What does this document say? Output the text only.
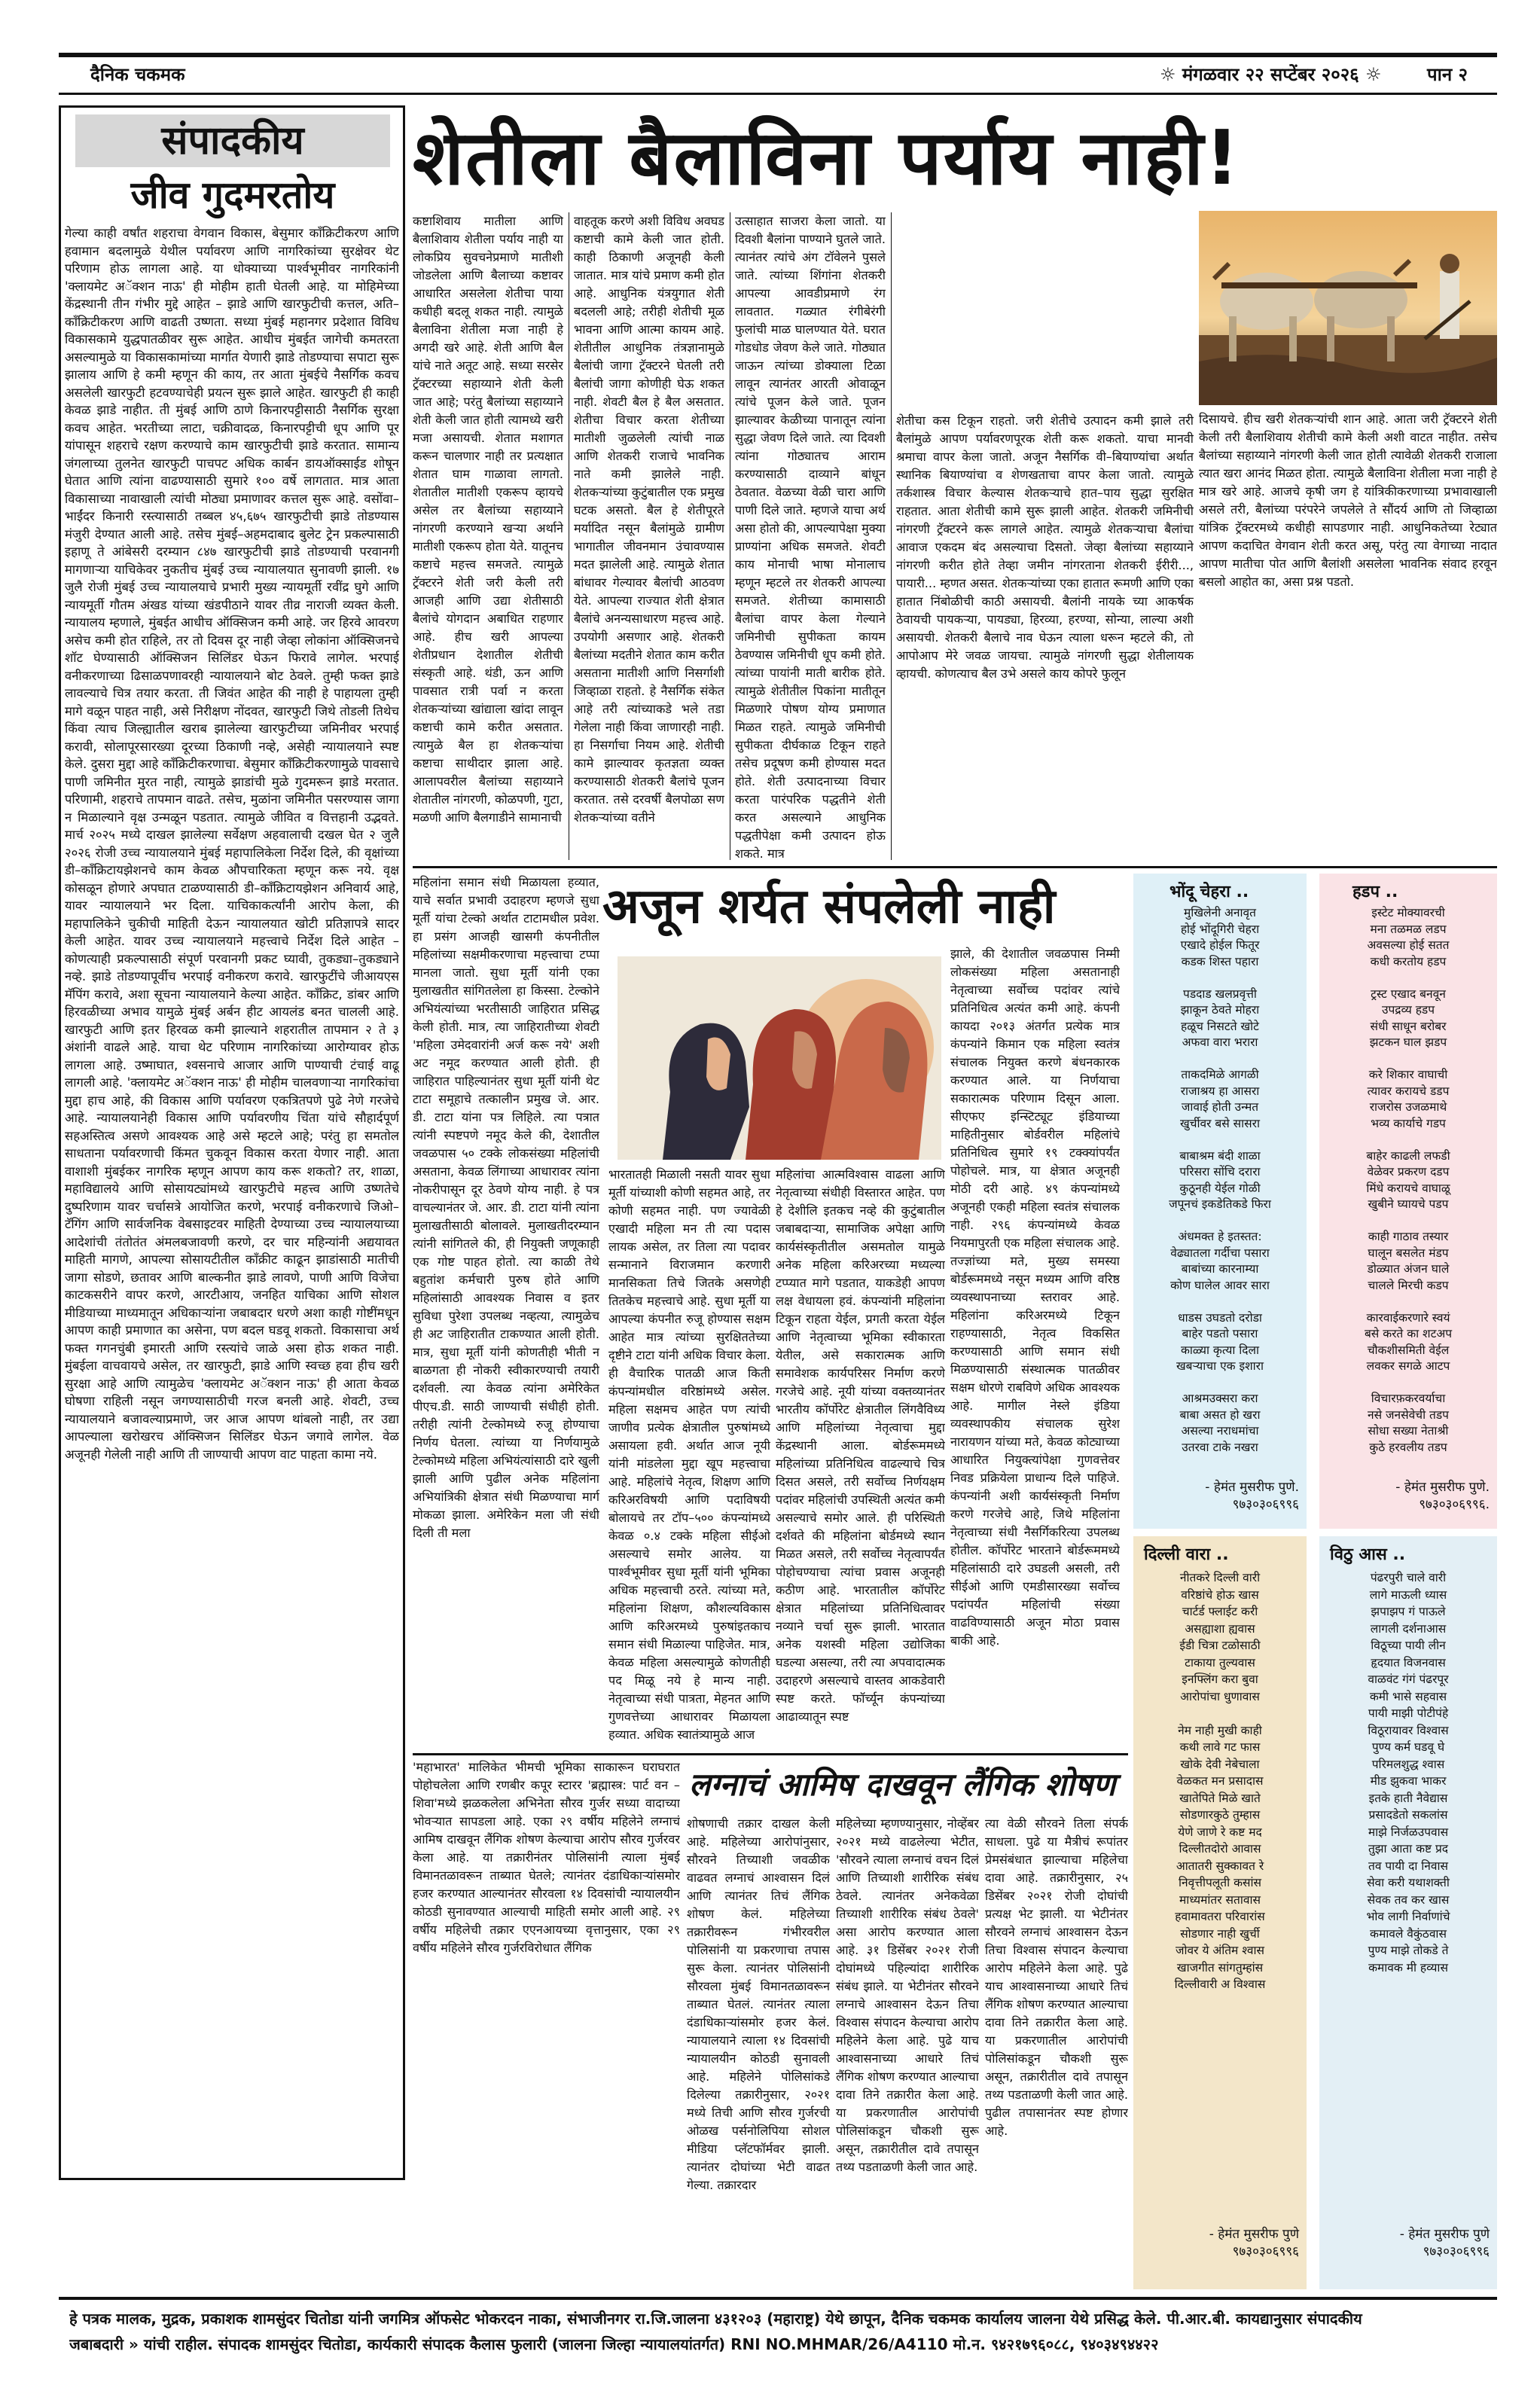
दैनिक चकमक	☼ मंगळवार २२ सप्टेंबर २०२६ ☼	पान २
संपादकीय
जीव गुदमरतोय
गेल्या काही वर्षांत शहराचा वेगवान विकास, बेसुमार काँक्रिटीकरण आणि हवामान बदलामुळे येथील पर्यावरण आणि नागरिकांच्या सुरक्षेवर थेट परिणाम होऊ लागला आहे. या धोक्याच्या पार्श्वभूमीवर नागरिकांनी 'क्लायमेट अॅक्शन नाऊ' ही मोहीम हाती घेतली आहे. या मोहिमेच्या केंद्रस्थानी तीन गंभीर मुद्दे आहेत – झाडे आणि खारफुटीची कत्तल, अति–काँक्रिटीकरण आणि वाढती उष्णता. सध्या मुंबई महानगर प्रदेशात विविध विकासकामे युद्धपातळीवर सुरू आहेत. आधीच मुंबईत जागेची कमतरता असल्यामुळे या विकासकामांच्या मार्गात येणारी झाडे तोडण्याचा सपाटा सुरू झालाय आणि हे कमी म्हणून की काय, तर आता मुंबईचे नैसर्गिक कवच असलेली खारफुटी हटवण्याचेही प्रयत्न सुरू झाले आहेत. खारफुटी ही काही केवळ झाडे नाहीत. ती मुंबई आणि ठाणे किनारपट्टीसाठी नैसर्गिक सुरक्षा कवच आहेत. भरतीच्या लाटा, चक्रीवादळ, किनारपट्टीची धूप आणि पूर यांपासून शहराचे रक्षण करण्याचे काम खारफुटीची झाडे करतात. सामान्य जंगलाच्या तुलनेत खारफुटी पाचपट अधिक कार्बन डायऑक्साईड शोषून घेतात आणि त्यांना वाढण्यासाठी सुमारे १०० वर्षे लागतात. मात्र आता विकासाच्या नावाखाली त्यांची मोठ्या प्रमाणावर कत्तल सुरू आहे. वसोंवा–भाईंदर किनारी रस्त्यासाठी तब्बल ४५,६७५ खारफुटीची झाडे तोडण्यास मंजुरी देण्यात आली आहे. तसेच मुंबई–अहमदाबाद बुलेट ट्रेन प्रकल्पासाठी इहाणू ते आंबेसरी दरम्यान ८४७ खारफुटीची झाडे तोडण्याची परवानगी मागणाऱ्या याचिकेवर नुकतीच मुंबई उच्च न्यायालयात सुनावणी झाली. १७ जुलै रोजी मुंबई उच्च न्यायालयाचे प्रभारी मुख्य न्यायमूर्ती रवींद्र घुगे आणि न्यायमूर्ती गौतम अंखड यांच्या खंडपीठाने यावर तीव्र नाराजी व्यक्त केली. न्यायालय म्हणाले, मुंबईत आधीच ऑक्सिजन कमी आहे. जर हिरवे आवरण असेच कमी होत राहिले, तर तो दिवस दूर नाही जेव्हा लोकांना ऑक्सिजनचे शॉट घेण्यासाठी ऑक्सिजन सिलिंडर घेऊन फिरावे लागेल. भरपाई वनीकरणाच्या ढिसाळपणावरही न्यायालयाने बोट ठेवले. तुम्ही फक्त झाडे लावल्याचे चित्र तयार करता. ती जिवंत आहेत की नाही हे पाहायला तुम्ही मागे वळून पाहत नाही, असे निरीक्षण नोंदवत, खारफुटी जिथे तोडली तिथेच किंवा त्याच जिल्ह्यातील खराब झालेल्या खारफुटीच्या जमिनीवर भरपाई करावी, सोलापूरसारख्या दूरच्या ठिकाणी नव्हे, असेही न्यायालयाने स्पष्ट केले. दुसरा मुद्दा आहे काँक्रिटीकरणाचा. बेसुमार काँक्रिटीकरणामुळे पावसाचे पाणी जमिनीत मुरत नाही, त्यामुळे झाडांची मुळे गुदमरून झाडे मरतात. परिणामी, शहराचे तापमान वाढते. तसेच, मुळांना जमिनीत पसरण्यास जागा न मिळाल्याने वृक्ष उन्मळून पडतात. त्यामुळे जीवित व वित्तहानी उद्भवते. मार्च २०२५ मध्ये दाखल झालेल्या सर्वेक्षण अहवालाची दखल घेत २ जुलै २०२६ रोजी उच्च न्यायालयाने मुंबई महापालिकेला निर्देश दिले, की वृक्षांच्या डी–काँक्रिटायझेशनचे काम केवळ औपचारिकता म्हणून करू नये. वृक्ष कोसळून होणारे अपघात टाळण्यासाठी डी–काँक्रिटायझेशन अनिवार्य आहे, यावर न्यायालयाने भर दिला. याचिकाकर्त्यांनी आरोप केला, की महापालिकेने चुकीची माहिती देऊन न्यायालयात खोटी प्रतिज्ञापत्रे सादर केली आहेत. यावर उच्च न्यायालयाने महत्त्वाचे निर्देश दिले आहेत – कोणत्याही प्रकल्पासाठी संपूर्ण परवानगी प्रकट घ्यावी, तुकड्या–तुकड्याने नव्हे. झाडे तोडण्यापूर्वीच भरपाई वनीकरण करावे. खारफुटींचे जीआयएस मॅपिंग करावे, अशा सूचना न्यायालयाने केल्या आहेत. काँक्रिट, डांबर आणि हिरवळीच्या अभाव यामुळे मुंबई अर्बन हीट आयलंड बनत चालली आहे. खारफुटी आणि इतर हिरवळ कमी झाल्याने शहरातील तापमान २ ते ३ अंशांनी वाढले आहे. याचा थेट परिणाम नागरिकांच्या आरोग्यावर होऊ लागला आहे. उष्माघात, श्वसनाचे आजार आणि पाण्याची टंचाई वाढू लागली आहे. 'क्लायमेट अॅक्शन नाऊ' ही मोहीम चालवणाऱ्या नागरिकांचा मुद्दा हाच आहे, की विकास आणि पर्यावरण एकत्रितपणे पुढे नेणे गरजेचे आहे. न्यायालयानेही विकास आणि पर्यावरणीय चिंता यांचे सौहार्दपूर्ण सहअस्तित्व असणे आवश्यक आहे असे म्हटले आहे; परंतु हा समतोल साधताना पर्यावरणाची किंमत चुकवून विकास करता येणार नाही. आता वाशाशी मुंबईकर नागरिक म्हणून आपण काय करू शकतो? तर, शाळा, महाविद्यालये आणि सोसायट्यांमध्ये खारफुटीचे महत्त्व आणि उष्णतेचे दुष्परिणाम यावर चर्चासत्रे आयोजित करणे, भरपाई वनीकरणाचे जिओ–टॅगिंग आणि सार्वजनिक वेबसाइटवर माहिती देण्याच्या उच्च न्यायालयाच्या आदेशांची तंतोतंत अंमलबजावणी करणे, दर चार महिन्यांनी अद्ययावत माहिती मागणे, आपल्या सोसायटीतील काँक्रीट काढून झाडांसाठी मातीची जागा सोडणे, छतावर आणि बाल्कनीत झाडे लावणे, पाणी आणि विजेचा काटकसरीने वापर करणे, आरटीआय, जनहित याचिका आणि सोशल मीडियाच्या माध्यमातून अधिकाऱ्यांना जबाबदार धरणे अशा काही गोष्टींमधून आपण काही प्रमाणात का असेना, पण बदल घडवू शकतो. विकासाचा अर्थ फक्त गगनचुंबी इमारती आणि रस्त्यांचे जाळे असा होऊ शकत नाही. मुंबईला वाचवायचे असेल, तर खारफुटी, झाडे आणि स्वच्छ हवा हीच खरी सुरक्षा आहे आणि त्यामुळेच 'क्लायमेट अॅक्शन नाऊ' ही आता केवळ घोषणा राहिली नसून जगण्यासाठीची गरज बनली आहे. शेवटी, उच्च न्यायालयाने बजावल्याप्रमाणे, जर आज आपण थांबलो नाही, तर उद्या आपल्याला खरोखरच ऑक्सिजन सिलिंडर घेऊन जगावे लागेल. वेळ अजूनही गेलेली नाही आणि ती जाण्याची आपण वाट पाहता कामा नये.
शेतीला बैलाविना पर्याय नाही!
कष्टाशिवाय मातीला आणि बैलाशिवाय शेतीला पर्याय नाही या लोकप्रिय सुवचनेप्रमाणे मातीशी जोडलेला आणि बैलाच्या कष्टावर आधारित असलेला शेतीचा पाया कधीही बदलू शकत नाही. त्यामुळे बैलाविना शेतीला मजा नाही हे अगदी खरे आहे. शेती आणि बैल यांचे नाते अतूट आहे. सध्या सरसेर ट्रॅक्टरच्या सहाय्याने शेती केली जात आहे; परंतु बैलांच्या सहाय्याने शेती केली जात होती त्यामध्ये खरी मजा असायची. शेतात मशागत करून चालणार नाही तर प्रत्यक्षात शेतात घाम गाळावा लागतो. शेतातील मातीशी एकरूप व्हायचे असेल तर बैलांच्या सहाय्याने नांगरणी करण्याने खऱ्या अर्थाने मातीशी एकरूप होता येते. यातूनच कष्टाचे महत्त्व समजते. त्यामुळे ट्रॅक्टरने शेती जरी केली तरी आजही आणि उद्या शेतीसाठी बैलांचे योगदान अबाधित राहणार आहे. हीच खरी आपल्या शेतीप्रधान देशातील शेतीची संस्कृती आहे. थंडी, ऊन आणि पावसात रात्री पर्वा न करता शेतकऱ्यांच्या खांद्याला खांदा लावून कष्टाची कामे करीत असतात. त्यामुळे बैल हा शेतकऱ्यांचा कष्टाचा साथीदार झाला आहे. आलापवरील बैलांच्या सहाय्याने शेतातील नांगरणी, कोळपणी, गुटा, मळणी आणि बैलगाडीने सामानाची
वाहतूक करणे अशी विविध अवघड कष्टाची कामे केली जात होती. काही ठिकाणी अजूनही केली जातात. मात्र यांचे प्रमाण कमी होत आहे. आधुनिक यंत्रयुगात शेती बदलली आहे; तरीही शेतीची मूळ भावना आणि आत्मा कायम आहे. शेतीतील आधुनिक तंत्रज्ञानामुळे बैलांची जागा ट्रॅक्टरने घेतली तरी बैलांची जागा कोणीही घेऊ शकत नाही. शेवटी बैल हे बैल असतात. शेतीचा विचार करता शेतीच्या मातीशी जुळलेली त्यांची नाळ आणि शेतकरी राजाचे भावनिक नाते कमी झालेले नाही. शेतकऱ्यांच्या कुटुंबातील एक प्रमुख घटक असतो. बैल हे शेतीपूरते मर्यादित नसून बैलांमुळे ग्रामीण भागातील जीवनमान उंचावण्यास मदत झालेली आहे. त्यामुळे शेतात बांधावर गेल्यावर बैलांची आठवण येते. आपल्या राज्यात शेती क्षेत्रात बैलांचे अनन्यसाधारण महत्त्व आहे. उपयोगी असणार आहे. शेतकरी बैलांच्या मदतीने शेतात काम करीत असताना मातीशी आणि निसर्गाशी जिव्हाळा राहतो. हे नैसर्गिक संकेत आहे तरी त्यांच्याकडे भले तडा गेलेला नाही किंवा जाणारही नाही. हा निसर्गाचा नियम आहे. शेतीची कामे झाल्यावर कृतज्ञता व्यक्त करण्यासाठी शेतकरी बैलांचे पूजन करतात. तसे दरवर्षी बैलपोळा सण शेतकऱ्यांच्या वतीने
उत्साहात साजरा केला जातो. या दिवशी बैलांना पाण्याने घुतले जाते. त्यानंतर त्यांचे अंग टॉवेलने पुसले जाते. त्यांच्या शिंगांना शेतकरी आपल्या आवडीप्रमाणे रंग लावतात. गळ्यात रंगीबेरंगी फुलांची माळ घालण्यात येते. घरात गोडधोड जेवण केले जाते. गोठ्यात जाऊन त्यांच्या डोक्याला टिळा लावून त्यानंतर आरती ओवाळून त्यांचे पूजन केले जाते. पूजन झाल्यावर केळीच्या पानातून त्यांना सुद्धा जेवण दिले जाते. त्या दिवशी त्यांना गोठ्यातच आराम करण्यासाठी दाव्याने बांधून ठेवतात. वेळच्या वेळी चारा आणि पाणी दिले जाते. म्हणजे याचा अर्थ असा होतो की, आपल्यापेक्षा मुक्या प्राण्यांना अधिक समजते. शेवटी काय मोनाची भाषा मोनालाच म्हणून म्हटले तर शेतकरी आपल्या समजते. शेतीच्या कामासाठी बैलांचा वापर केला गेल्याने जमिनीची सुपीकता कायम ठेवण्यास जमिनीची धूप कमी होते. त्यांच्या पायांनी माती बारीक होते. त्यामुळे शेतीतील पिकांना मातीतून मिळणारे पोषण योग्य प्रमाणात मिळत राहते. त्यामुळे जमिनीची सुपीकता दीर्घकाळ टिकून राहते तसेच प्रदूषण कमी होण्यास मदत होते. शेती उत्पादनाच्या विचार करता पारंपरिक पद्धतीने शेती करत असल्याने आधुनिक पद्धतीपेक्षा कमी उत्पादन होऊ शकते. मात्र
शेतीचा कस टिकून राहतो. जरी शेतीचे उत्पादन कमी झाले तरी बैलांमुळे आपण पर्यावरणपूरक शेती करू शकतो. याचा मानवी श्रमाचा वापर केला जातो. अजून नैसर्गिक वी–बियाण्यांचा अर्थात स्थानिक बियाण्यांचा व शेणखताचा वापर केला जातो. त्यामुळे तर्कशास्त्र विचार केल्यास शेतकऱ्याचे हात–पाय सुद्धा सुरक्षित राहतात. आता शेतीची कामे सुरू झाली आहेत. शेतकरी जमिनीची नांगरणी ट्रॅक्टरने करू लागले आहेत. त्यामुळे शेतकऱ्याचा बैलांचा आवाज एकदम बंद असल्याचा दिसतो. जेव्हा बैलांच्या सहाय्याने नांगरणी करीत होते तेव्हा जमीन नांगरताना शेतकरी ईरीरी..., पायारी... म्हणत असत. शेतकऱ्यांच्या एका हातात रूमणी आणि एका हातात निंबोळीची काठी असायची. बैलांनी नायके च्या आकर्षक ठेवायची पायकऱ्या, पायड्या, हिरव्या, हरण्या, सोन्या, लाल्या अशी असायची. शेतकरी बैलाचे नाव घेऊन त्याला धरून म्हटले की, तो आपोआप मेरे जवळ जायचा. त्यामुळे नांगरणी सुद्धा शेतीलायक व्हायची. कोणत्याच बैल उभे असले काय कोपरे फुलून
दिसायचे. हीच खरी शेतकऱ्यांची शान आहे. आता जरी ट्रॅक्टरने शेती केली तरी बैलाशिवाय शेतीची कामे केली अशी वाटत नाहीत. तसेच बैलांच्या सहाय्याने नांगरणी केली जात होती त्यावेळी शेतकरी राजाला त्यात खरा आनंद मिळत होता. त्यामुळे बैलाविना शेतीला मजा नाही हे मात्र खरे आहे. आजचे कृषी जग हे यांत्रिकीकरणाच्या प्रभावाखाली असले तरी, बैलांच्या परंपरेने जपलेले ते सौंदर्य आणि तो जिव्हाळा यांत्रिक ट्रॅक्टरमध्ये कधीही सापडणार नाही. आधुनिकतेच्या रेट्यात आपण कदाचित वेगवान शेती करत असू, परंतु त्या वेगाच्या नादात आपण मातीचा पोत आणि बैलांशी असलेला भावनिक संवाद हरवून बसलो आहोत का, असा प्रश्न पडतो.
महिलांना समान संधी मिळायला हव्यात, याचे सर्वात प्रभावी उदाहरण म्हणजे सुधा मूर्ती यांचा टेल्को अर्थात टाटामधील प्रवेश. हा प्रसंग आजही खासगी कंपनीतील महिलांच्या सक्षमीकरणाचा महत्त्वाचा टप्पा मानला जातो. सुधा मूर्ती यांनी एका मुलाखतीत सांगितलेला हा किस्सा. टेल्कोने अभियंत्यांच्या भरतीसाठी जाहिरात प्रसिद्ध केली होती. मात्र, त्या जाहिरातीच्या शेवटी 'महिला उमेदवारांनी अर्ज करू नये' अशी अट नमूद करण्यात आली होती. ही जाहिरात पाहिल्यानंतर सुधा मूर्ती यांनी थेट टाटा समूहाचे तत्कालीन प्रमुख जे. आर. डी. टाटा यांना पत्र लिहिले. त्या पत्रात त्यांनी स्पष्टपणे नमूद केले की, देशातील जवळपास ५० टक्के लोकसंख्या महिलांची असताना, केवळ लिंगाच्या आधारावर त्यांना नोकरीपासून दूर ठेवणे योग्य नाही. हे पत्र वाचल्यानंतर जे. आर. डी. टाटा यांनी त्यांना मुलाखतीसाठी बोलावले. मुलाखतीदरम्यान त्यांनी सांगितले की, ही नियुक्ती जणूकाही एक गोष्ट पाहत होतो. त्या काळी तेथे बहुतांश कर्मचारी पुरुष होते आणि महिलांसाठी आवश्यक निवास व इतर सुविधा पुरेशा उपलब्ध नव्हत्या, त्यामुळेच ही अट जाहिरातीत टाकण्यात आली होती. मात्र, सुधा मूर्ती यांनी कोणतीही भीती न बाळगता ही नोकरी स्वीकारण्याची तयारी दर्शवली. त्या केवळ त्यांना अमेरिकेत पीएच.डी. साठी जाण्याची संधीही होती. तरीही त्यांनी टेल्कोमध्ये रुजू होण्याचा निर्णय घेतला. त्यांच्या या निर्णयामुळे टेल्कोमध्ये महिला अभियंत्यांसाठी दारे खुली झाली आणि पुढील अनेक महिलांना अभियांत्रिकी क्षेत्रात संधी मिळण्याचा मार्ग मोकळा झाला. अमेरिकेन मला जी संधी दिली ती मला
अजून शर्यत संपलेली नाही
भारतातही मिळाली नसती यावर सुधा मूर्ती यांच्याशी कोणी सहमत आहे, तर कोणी सहमत नाही. पण ज्यावेळी एखादी महिला मन ती त्या पदास लायक असेल, तर तिला त्या पदावर सन्मानाने विराजमान करणारी मानसिकता तिचे जितके असणेही तितकेच महत्त्वाचे आहे. सुधा मूर्ती या आपल्या कंपनीत रुजू होण्यास सक्षम आहेत मात्र त्यांच्या सुरक्षिततेच्या दृष्टीने टाटा यांनी अधिक विचार केला. ही वैचारिक पातळी आज किती कंपन्यांमधील वरिष्ठांमध्ये असेल. महिला सक्षमच आहेत पण त्यांची जाणीव प्रत्येक क्षेत्रातील पुरुषांमध्ये असायला हवी. अर्थात आज नूयी यांनी मांडलेला मुद्दा खूप महत्त्वाचा आहे. महिलांचे नेतृत्व, शिक्षण आणि करिअरविषयी आणि पदाविषयी बोलायचे तर टॉप–५०० कंपन्यांमध्ये केवळ ०.४ टक्के महिला सीईओ असल्याचे समोर आलेय. या पार्श्वभूमीवर सुधा मूर्ती यांनी भूमिका अधिक महत्त्वाची ठरते. त्यांच्या मते, महिलांना शिक्षण, कौशल्यविकास आणि करिअरमध्ये पुरुषांइतकाच समान संधी मिळाल्या पाहिजेत. मात्र, केवळ महिला असल्यामुळे कोणतीही पद मिळू नये हे मान्य नाही. नेतृत्वाच्या संधी पात्रता, मेहनत आणि गुणवत्तेच्या आधारावर मिळायला हव्यात. अधिक स्वातंत्र्यामुळे आज
महिलांचा आत्मविश्वास वाढला आणि नेतृत्वाच्या संधीही विस्तारत आहेत. पण हे देशीलि इतकच नव्हे की कुटुंबातील जबाबदाऱ्या, सामाजिक अपेक्षा आणि कार्यसंस्कृतीतील असमतोल यामुळे अनेक महिला करिअरच्या मध्यल्या टप्प्यात मागे पडतात, याकडेही आपण लक्ष वेधायला हवं. कंपन्यांनी महिलांना टिकून राहता येईल, प्रगती करता येईल आणि नेतृत्वाच्या भूमिका स्वीकारता येतील, असे सकारात्मक आणि समावेशक कार्यपरिसर निर्माण करणे गरजेचे आहे. नूयी यांच्या वक्तव्यानंतर भारतीय कॉर्पोरेट क्षेत्रातील लिंगवैविध्य आणि महिलांच्या नेतृत्वाचा मुद्दा केंद्रस्थानी आला. बोर्डरूममध्ये महिलांच्या प्रतिनिधित्व वाढल्याचे चित्र दिसत असले, तरी सर्वोच्च निर्णयक्षम पदांवर महिलांची उपस्थिती अत्यंत कमी असल्याचे समोर आले. ही परिस्थिती दर्शवते की महिलांना बोर्डमध्ये स्थान मिळत असले, तरी सर्वोच्च नेतृत्वापर्यंत पोहोचण्याचा त्यांचा प्रवास अजूनही कठीण आहे. भारतातील कॉर्पोरेट क्षेत्रात महिलांच्या प्रतिनिधित्वावर नव्याने चर्चा सुरू झाली. भारतात अनेक यशस्वी महिला उद्योजिका घडल्या असल्या, तरी त्या अपवादात्मक उदाहरणे असल्याचे वास्तव आकडेवारी स्पष्ट करते. फॉर्च्यून कंपन्यांच्या आढाव्यातून स्पष्ट
झाले, की देशातील जवळपास निम्मी लोकसंख्या महिला असतानाही नेतृत्वाच्या सर्वोच्च पदांवर त्यांचे प्रतिनिधित्व अत्यंत कमी आहे. कंपनी कायदा २०१३ अंतर्गत प्रत्येक मात्र कंपन्यांने किमान एक महिला स्वतंत्र संचालक नियुक्त करणे बंधनकारक करण्यात आले. या निर्णयाचा सकारात्मक परिणाम दिसून आला. सीएफए इन्स्टिट्यूट इंडियाच्या माहितीनुसार बोर्डवरील महिलांचे प्रतिनिधित्व सुमारे १९ टक्क्यांपर्यंत पोहोचले. मात्र, या क्षेत्रात अजूनही मोठी दरी आहे. ४९ कंपन्यांमध्ये अजूनही एकही महिला स्वतंत्र संचालक नाही. २९६ कंपन्यांमध्ये केवळ नियमापुरती एक महिला संचालक आहे. तज्ज्ञांच्या मते, मुख्य समस्या बोर्डरूममध्ये नसून मध्यम आणि वरिष्ठ व्यवस्थापनाच्या स्तरावर आहे. महिलांना करिअरमध्ये टिकून राहण्यासाठी, नेतृत्व विकसित करण्यासाठी आणि समान संधी मिळण्यासाठी संस्थात्मक पातळीवर सक्षम धोरणे राबविणे अधिक आवश्यक आहे. मागील नेस्ले इंडिया व्यवस्थापकीय संचालक सुरेश नारायणन यांच्या मते, केवळ कोट्याच्या आधारित नियुक्त्यांपेक्षा गुणवत्तेवर निवड प्रक्रियेला प्राधान्य दिले पाहिजे. कंपन्यांनी अशी कार्यसंस्कृती निर्माण करणे गरजेचे आहे, जिथे महिलांना नेतृत्वाच्या संधी नैसर्गिकरित्या उपलब्ध होतील. कॉर्पोरेट भारताने बोर्डरूममध्ये महिलांसाठी दारे उघडली असली, तरी सीईओ आणि एमडीसारख्या सर्वोच्च पदांपर्यंत महिलांची संख्या वाढविण्यासाठी अजून मोठा प्रवास बाकी आहे.
भोंदू चेहरा ..
मुखिलेनी अनावृत
होई भोंदूगिरी चेहरा
एखादे होईल फितूर
कडक शिस्त पहारा

पडदाड खलप्रवृत्ती
झाकून ठेवते मोहरा
हळूच निसटते खोटे
अफवा वारा भरारा

ताकदमिळे आगळी
राजाश्रय हा आसरा
जावाई होती उन्मत
खुर्चीवर बसे सासरा

बाबाश्रम बंदी शाळा
परिसरा सोंचि दरारा
कुठूनही येईल गोळी
जपूनचं इकडेतिकडे फिरा

अंधमक्त हे इतस्तत:
वेढ्यातला गर्दीचा पसारा
बाबांच्या कारनाम्या
कोण घालेल आवर सारा

धाडस उघडतो दरोडा
बाहेर पडतो पसारा
काळ्या कृत्या दिला
खबऱ्याचा एक इशारा

आश्रमउक्सरा करा
बाबा असत हो खरा
असल्या नराधमांचा
उतरवा टाके नखरा
- हेमंत मुसरीफ पुणे.
९७३०३०६९९६
हडप ..
इस्टेट मोक्यावरची
मना तळमळ लडप
अवसल्या होई सतत
कधी करतोय हडप

ट्रस्ट एखाद बनवून
उपद्रव्य हडप
संधी साधून बरोबर
झटकन घाल झडप

करे शिकार वाघाची
त्यावर करायचे डडप
राजरोस उजळमाथे
भव्य कार्याचे गडप

बाहेर काढली लफडी
वेळेवर प्रकरण दडप
मिंधे करायचे वाघाळू
खुबीने घ्यायचे पडप

काही गाठाव तस्यार
घालून बसलेत मंडप
डोळ्यात अंजन घाले
चालले मिरची कडप

कारवाईकरणारे स्वयं
बसे करते का शटअप
चौकशीसमिती वेईल
लवकर सगळे आटप

विचारफ़करवर्याचा
नसे जनसेवेची तडप
सोधा सख्या नेताश्री
कुठे हरवलीय तडप
- हेमंत मुसरीफ पुणे.
९७३०३०६९९६.
दिल्ली वारा ..
नीतकरे दिल्ली वारी
वरिष्ठांचे होऊ खास
चार्टर्ड फ्लाईट करी
असह्याशा ह्यवास
ईडी चित्रा टळोसाठी
टाकाया तुल्यवास
इनफ्लिंग करा बुवा
आरोपांचा धुणावास

नेम नाही मुखी काही
कथी लावे गट फास
खोके देवी नेबेचाला
वेळकत मन प्रसादास
खातेपिते मिळे खाते
सोडणारकुठे तुम्हास
येणे जाणे रे कष्ट मद
दिल्लीतदोरो आवास
आतातरी सुक्कावत रे
निवृत्तीपलूती कसांस
माध्यमांतर सतावास
हवामावतरा परिवारांस
सोडणार नाही खुर्ची
जोवर ये अंतिम श्वास
खाजगीत सांगतुम्हांस
दिल्लीवारी अ विश्वास
- हेमंत मुसरीफ पुणे
९७३०३०६९९६
विठु आस ..
पंढरपुरी चाले वारी
लागे माऊली ध्यास
झपाझप गं पाऊले
लागली दर्शनाआस
विठूच्या पायी लीन
हृदयात विजनवास
वाळवंट गंगं पंढरपूर
कमी भासे सहवास
पायी माझी पोटीपंहे
विठूरायावर विश्वास
पुण्य कर्म घडवू घे
परिमलशुद्ध श्वास
मीड झुकवा भाकर
इतके हाती नैवेद्यास
प्रसादडेतो सकलांस
माझे निर्जळउपवास
तुझा आता कष्ट प्रद
तव पायी दा निवास
सेवा करी यथाशक्ती
सेवक तव कर खास
भोव लागी निर्वाणांचे
कमावले वैकुंठवास
पुण्य माझे तोकडे ते
कमावक मी हव्यास
- हेमंत मुसरीफ पुणे
९७३०३०६९९६
लग्नाचं आमिष दाखवून लैंगिक शोषण
'महाभारत' मालिकेत भीमची भूमिका साकारून घराघरात पोहोचलेला आणि रणबीर कपूर स्टारर 'ब्रह्मास्त्र: पार्ट वन – शिवा'मध्ये झळकलेला अभिनेता सौरव गुर्जर सध्या वादाच्या भोवऱ्यात सापडला आहे. एका २९ वर्षीय महिलेने लग्नाचं आमिष दाखवून लैंगिक शोषण केल्याचा आरोप सौरव गुर्जरवर केला आहे. या तक्रारीनंतर पोलिसांनी त्याला मुंबई विमानतळावरून ताब्यात घेतले; त्यानंतर दंडाधिकाऱ्यांसमोर हजर करण्यात आल्यानंतर सौरवला १४ दिवसांची न्यायालयीन कोठडी सुनावण्यात आल्याची माहिती समोर आली आहे. २९ वर्षीय महिलेची तक्रार एएनआयच्या वृत्तानुसार, एका २९ वर्षीय महिलेने सौरव गुर्जरविरोधात लैंगिक
शोषणाची तक्रार दाखल केली आहे. महिलेच्या आरोपांनुसार, सौरवने तिच्याशी जवळीक वाढवत लग्नाचं आश्वासन दिलं आणि त्यानंतर तिचं लैंगिक शोषण केलं. महिलेच्या तक्रारीवरून गंभीरवरील पोलिसांनी या प्रकरणाचा तपास सुरू केला. त्यानंतर पोलिसांनी सौरवला मुंबई विमानतळावरून ताब्यात घेतलं. त्यानंतर त्याला दंडाधिकाऱ्यांसमोर हजर केलं. न्यायालयाने त्याला १४ दिवसांची न्यायालयीन कोठडी सुनावली आहे. महिलेने पोलिसांकडे दिलेल्या तक्रारीनुसार, २०२१ मध्ये तिची आणि सौरव गुर्जरची ओळख पर्सनोलिपिया सोशल मीडिया प्लॅटफॉर्मवर झाली. त्यानंतर दोघांच्या भेटी वाढत गेल्या. तक्रारदार
महिलेच्या म्हणण्यानुसार, नोव्हेंबर २०२१ मध्ये वाढलेल्या भेटीत, 'सौरवने त्याला लग्नाचं वचन दिलं आणि तिच्याशी शारीरिक संबंध ठेवले. त्यानंतर अनेकवेळा तिच्याशी शारीरिक संबंध ठेवले' असा आरोप करण्यात आला आहे. ३१ डिसेंबर २०२१ रोजी दोघांमध्ये पहिल्यांदा शारीरिक संबंध झाले. या भेटीनंतर सौरवने लग्नाचे आश्वासन देऊन तिचा विश्वास संपादन केल्याचा आरोप महिलेने केला आहे. पुढे याच आश्वासनाच्या आधारे तिचं लैंगिक शोषण करण्यात आल्याचा दावा तिने तक्रारीत केला आहे. या प्रकरणातील आरोपांची पोलिसांकडून चौकशी सुरू असून, तक्रारीतील दावे तपासून तथ्य पडताळणी केली जात आहे.
त्या वेळी सौरवने तिला संपर्क साधला. पुढे या मैत्रीचं रूपांतर प्रेमसंबंधात झाल्याचा महिलेचा दावा आहे. तक्रारीनुसार, २५ डिसेंबर २०२१ रोजी दोघांची प्रत्यक्ष भेट झाली. या भेटीनंतर सौरवने लग्नाचं आश्वासन देऊन तिचा विश्वास संपादन केल्याचा आरोप महिलेने केला आहे. पुढे याच आश्वासनाच्या आधारे तिचं लैंगिक शोषण करण्यात आल्याचा दावा तिने तक्रारीत केला आहे. या प्रकरणातील आरोपांची पोलिसांकडून चौकशी सुरू असून, तक्रारीतील दावे तपासून तथ्य पडताळणी केली जात आहे. पुढील तपासानंतर स्पष्ट होणार आहे.
हे पत्रक मालक, मुद्रक, प्रकाशक शामसुंदर चितोडा यांनी जगमित्र ऑफसेट भोकरदन नाका, संभाजीनगर रा.जि.जालना ४३१२०३ (महाराष्ट्र) येथे छापून, दैनिक चकमक कार्यालय जालना येथे प्रसिद्ध केले. पी.आर.बी. कायद्यानुसार संपादकीय
जबाबदारी » यांची राहील. संपादक शामसुंदर चितोडा, कार्यकारी संपादक कैलास फुलारी (जालना जिल्हा न्यायालयांतर्गत) RNI NO.MHMAR/26/A4110 मो.न. ९४२१७९६०८८, ९४०३४९४४२२
